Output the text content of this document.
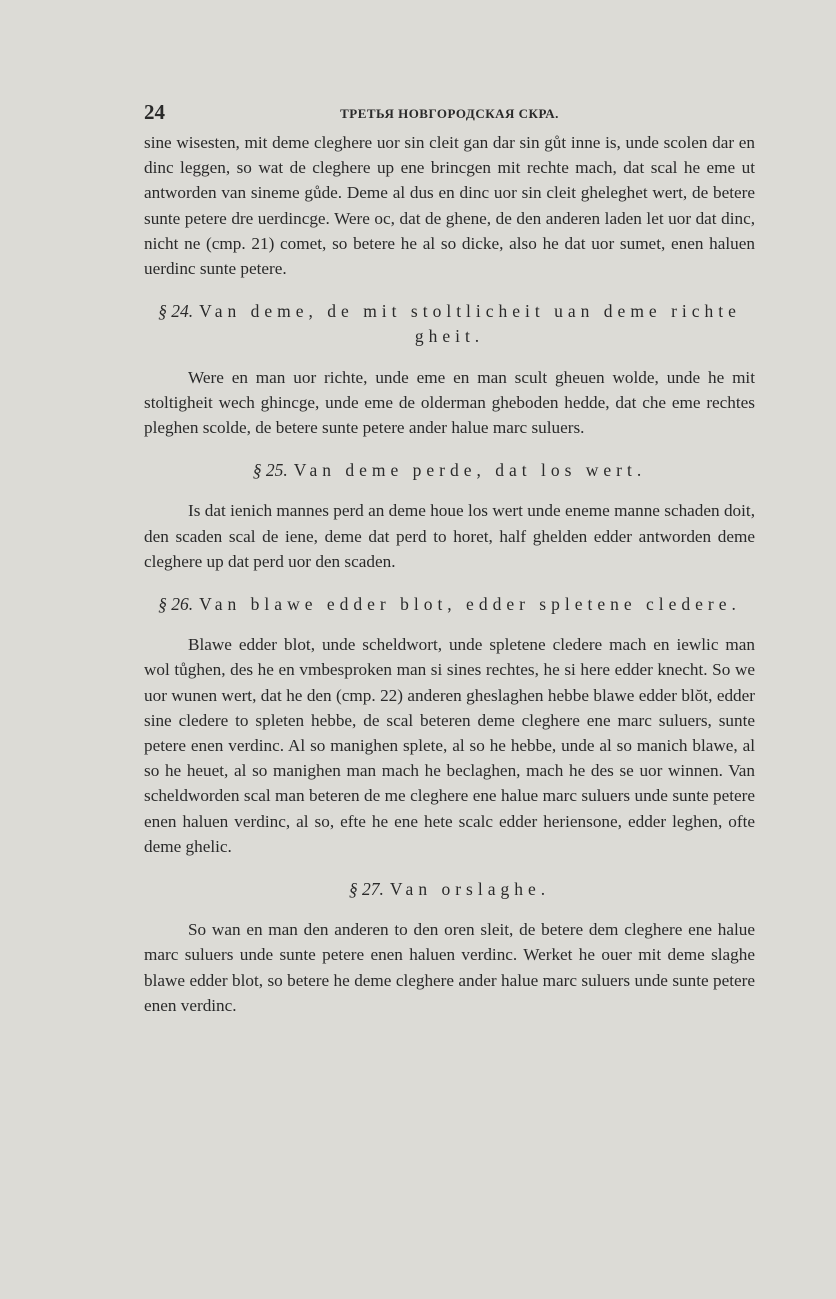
24	ТРЕТЬЯ НОВГОРОДСКАЯ СКРА.

sine wisesten, mit deme cleghere uor sin cleit gan dar sin gůt inne is, unde scolen dar en dinc leggen, so wat de cleghere up ene brincgen mit rechte mach, dat scal he eme ut antworden van sineme gůde. Deme al dus en dinc uor sin cleit gheleghet wert, de betere sunte petere dre uerdincge. Were oc, dat de ghene, de den anderen laden let uor dat dinc, nicht ne (cmp. 21) comet, so betere he al so dicke, also he dat uor sumet, enen haluen uerdinc sunte petere.

§ 24. Van deme, de mit stoltlicheit uan deme richte gheit.

Were en man uor richte, unde eme en man scult gheuen wolde, unde he mit stoltigheit wech ghincge, unde eme de olderman gheboden hedde, dat che eme rechtes pleghen scolde, de betere sunte petere ander halue marc suluers.

§ 25. Van deme perde, dat los wert.

Is dat ienich mannes perd an deme houe los wert unde eneme manne schaden doit, den scaden scal de iene, deme dat perd to horet, half ghelden edder antworden deme cleghere up dat perd uor den scaden.

§ 26. Van blawe edder blot, edder spletene cledere.

Blawe edder blot, unde scheldwort, unde spletene cledere mach en iewlic man wol tůghen, des he en vmbesproken man si sines rechtes, he si here edder knecht. So we uor wunen wert, dat he den (cmp. 22) anderen gheslaghen hebbe blawe edder blŏt, edder sine cledere to spleten hebbe, de scal beteren deme cleghere ene marc suluers, sunte petere enen verdinc. Al so manighen splete, al so he hebbe, unde al so manich blawe, al so he heuet, al so manighen man mach he beclaghen, mach he des se uor winnen. Van scheldworden scal man beteren de me cleghere ene halue marc suluers unde sunte petere enen haluen verdinc, al so, efte he ene hete scalc edder heriensone, edder leghen, ofte deme ghelic.

§ 27. Van orslaghe.

So wan en man den anderen to den oren sleit, de betere dem cleghere ene halue marc suluers unde sunte petere enen haluen verdinc. Werket he ouer mit deme slaghe blawe edder blot, so betere he deme cleghere ander halue marc suluers unde sunte petere enen verdinc.
